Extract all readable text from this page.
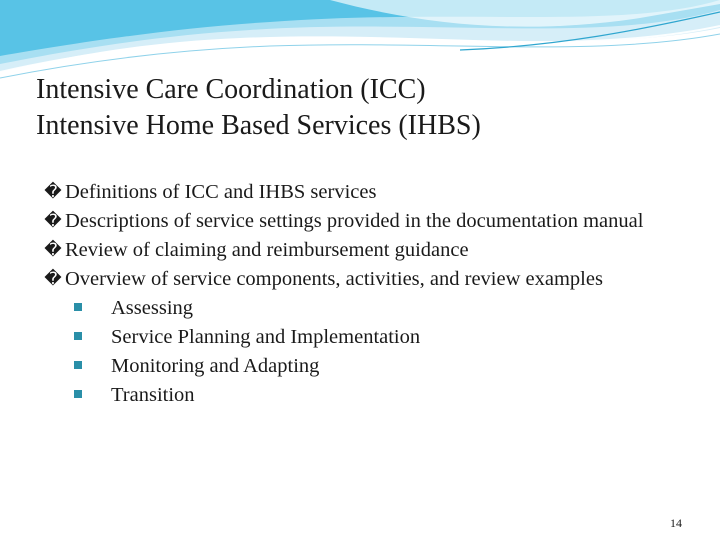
Intensive Care Coordination (ICC)
Intensive Home Based Services (IHBS)
� Definitions of ICC and IHBS services
� Descriptions of service settings provided in the documentation manual
� Review of claiming and reimbursement guidance
� Overview of service components, activities, and review examples
Assessing
Service Planning and Implementation
Monitoring and Adapting
Transition
14
